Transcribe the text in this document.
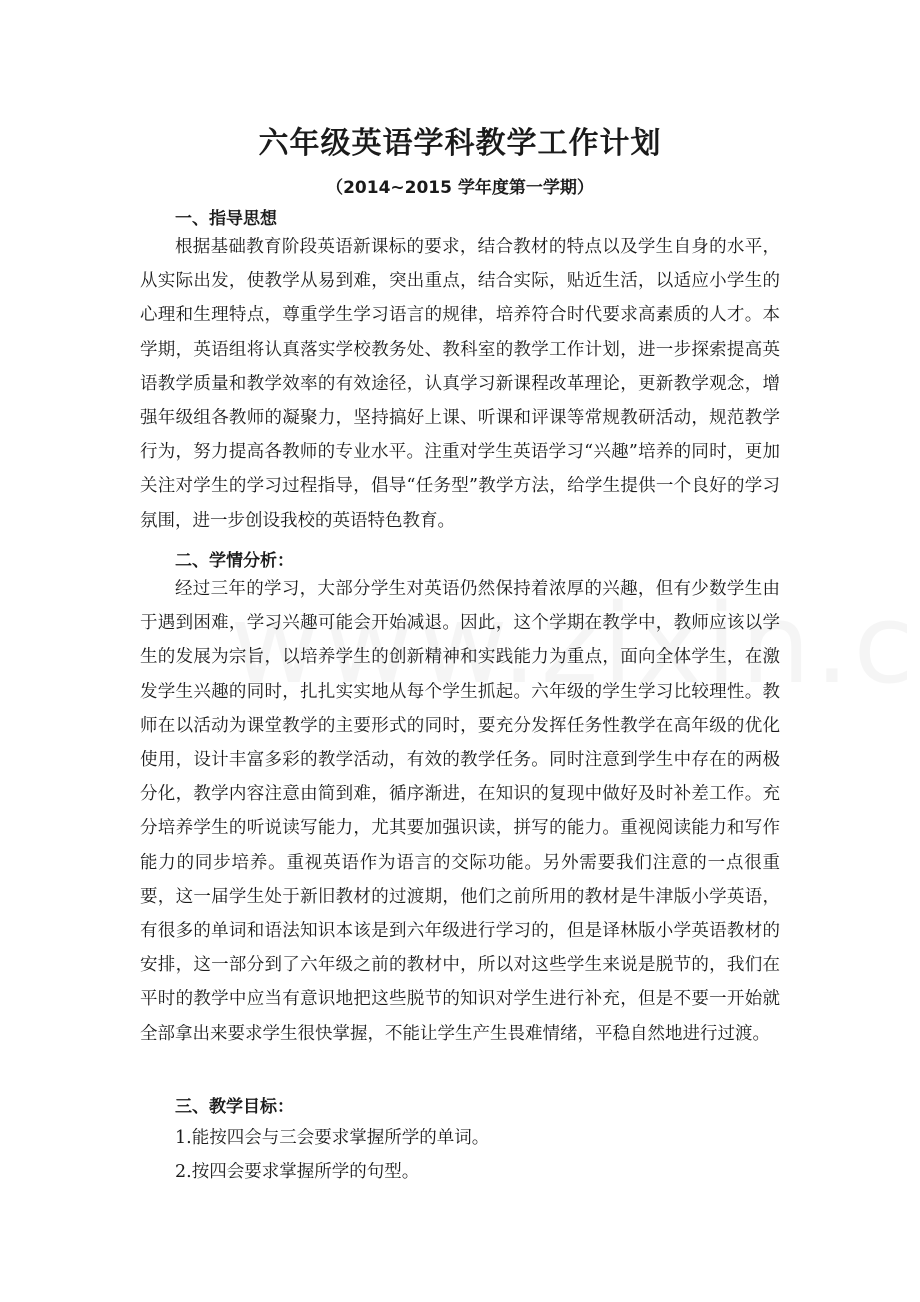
六年级英语学科教学工作计划

（2014~2015 学年度第一学期）

一、指导思想

根据基础教育阶段英语新课标的要求，结合教材的特点以及学生自身的水平，从实际出发，使教学从易到难，突出重点，结合实际，贴近生活，以适应小学生的心理和生理特点，尊重学生学习语言的规律，培养符合时代要求高素质的人才。本学期，英语组将认真落实学校教务处、教科室的教学工作计划，进一步探索提高英语教学质量和教学效率的有效途径，认真学习新课程改革理论，更新教学观念，增强年级组各教师的凝聚力，坚持搞好上课、听课和评课等常规教研活动，规范教学行为，努力提高各教师的专业水平。注重对学生英语学习“兴趣”培养的同时，更加关注对学生的学习过程指导，倡导“任务型”教学方法，给学生提供一个良好的学习氛围，进一步创设我校的英语特色教育。

二、学情分析：

经过三年的学习，大部分学生对英语仍然保持着浓厚的兴趣，但有少数学生由于遇到困难，学习兴趣可能会开始减退。因此，这个学期在教学中，教师应该以学生的发展为宗旨，以培养学生的创新精神和实践能力为重点，面向全体学生，在激发学生兴趣的同时，扎扎实实地从每个学生抓起。六年级的学生学习比较理性。教师在以活动为课堂教学的主要形式的同时，要充分发挥任务性教学在高年级的优化使用，设计丰富多彩的教学活动，有效的教学任务。同时注意到学生中存在的两极分化，教学内容注意由简到难，循序渐进，在知识的复现中做好及时补差工作。充分培养学生的听说读写能力，尤其要加强识读，拼写的能力。重视阅读能力和写作能力的同步培养。重视英语作为语言的交际功能。另外需要我们注意的一点很重要，这一届学生处于新旧教材的过渡期，他们之前所用的教材是牛津版小学英语，有很多的单词和语法知识本该是到六年级进行学习的，但是译林版小学英语教材的安排，这一部分到了六年级之前的教材中，所以对这些学生来说是脱节的，我们在平时的教学中应当有意识地把这些脱节的知识对学生进行补充，但是不要一开始就全部拿出来要求学生很快掌握，不能让学生产生畏难情绪，平稳自然地进行过渡。

三、教学目标：

1.能按四会与三会要求掌握所学的单词。

2.按四会要求掌握所学的句型。
